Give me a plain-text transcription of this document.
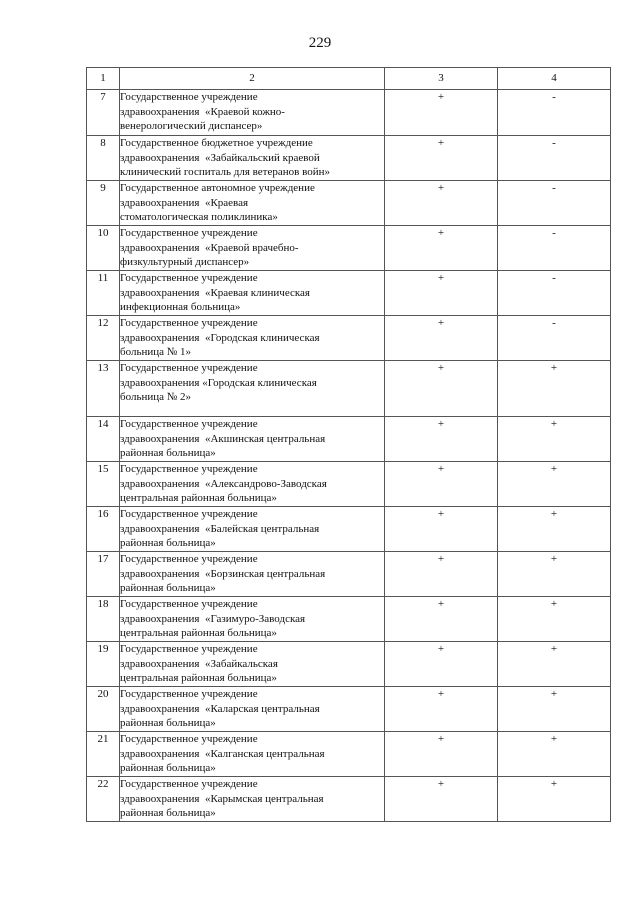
229
1	2	3	4
7	Государственное учреждение
здравоохранения  «Краевой кожно-
венерологический диспансер»	+	-
8	Государственное бюджетное учреждение
здравоохранения  «Забайкальский краевой
клинический госпиталь для ветеранов войн»	+	-
9	Государственное автономное учреждение
здравоохранения  «Краевая
стоматологическая поликлиника»	+	-
10	Государственное учреждение
здравоохранения  «Краевой врачебно-
физкультурный диспансер»	+	-
11	Государственное учреждение
здравоохранения  «Краевая клиническая
инфекционная больница»	+	-
12	Государственное учреждение
здравоохранения  «Городская клиническая
больница № 1»	+	-
13	Государственное учреждение
здравоохранения «Городская клиническая
больница № 2»	+	+
14	Государственное учреждение
здравоохранения  «Акшинская центральная
районная больница»	+	+
15	Государственное учреждение
здравоохранения  «Александрово-Заводская
центральная районная больница»	+	+
16	Государственное учреждение
здравоохранения  «Балейская центральная
районная больница»	+	+
17	Государственное учреждение
здравоохранения  «Борзинская центральная
районная больница»	+	+
18	Государственное учреждение
здравоохранения  «Газимуро-Заводская
центральная районная больница»	+	+
19	Государственное учреждение
здравоохранения  «Забайкальская
центральная районная больница»	+	+
20	Государственное учреждение
здравоохранения  «Каларская центральная
районная больница»	+	+
21	Государственное учреждение
здравоохранения  «Калганская центральная
районная больница»	+	+
22	Государственное учреждение
здравоохранения  «Карымская центральная
районная больница»	+	+
